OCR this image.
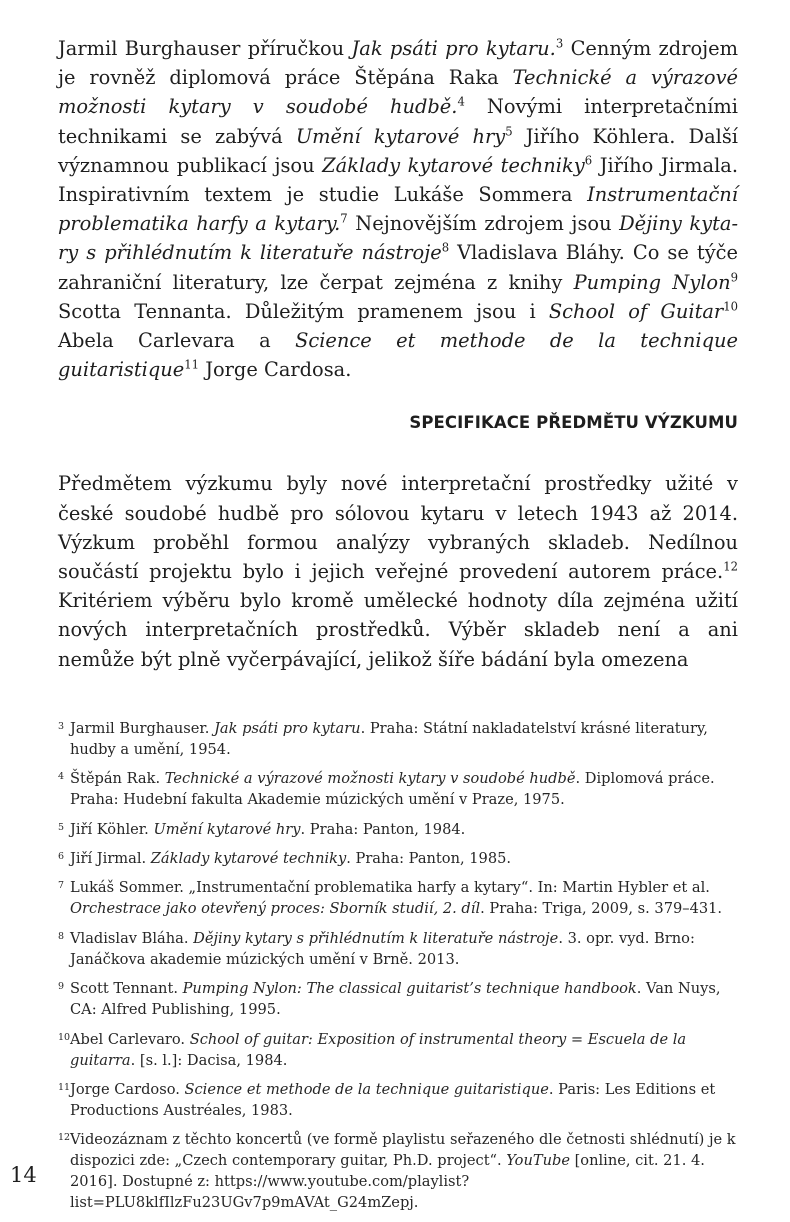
Jarmil Burghauser příručkou Jak psáti pro kytaru.$^3$ Cenným zdrojem je rovněž diplomová práce Štěpána Raka Technické a výrazové možnosti kytary v soudobé hudbě.$^4$ Novými interpretačními technikami se zabývá Umění kytarové hry$^5$ Jiřího Köhlera. Další významnou publikací jsou Základy kytarové techniky$^6$ Jiřího Jirmala. Inspirativním textem je studie Lukáše Sommera Instrumentační problematika harfy a kytary.$^7$ Nejnovějším zdrojem jsou Dějiny kytary s přihlédnutím k literatuře nástroje$^8$ Vladislava Bláhy. Co se týče zahraniční literatury, lze čerpat zejména z knihy Pumping Nylon$^9$ Scotta Tennanta. Důležitým pramenem jsou i School of Guitar$^{10}$ Abela Carlevara a Science et methode de la technique guitaristique$^{11}$ Jorge Cardosa.

SPECIFIKACE PŘEDMĚTU VÝZKUMU

Předmětem výzkumu byly nové interpretační prostředky užité v české soudobé hudbě pro sólovou kytaru v letech 1943 až 2014. Výzkum proběhl formou analýzy vybraných skladeb. Nedílnou součástí projektu bylo i jejich veřejné provedení autorem práce.$^{12}$ Kritériem výběru bylo kromě umělecké hodnoty díla zejména užití nových interpretačních prostředků. Výběr skladeb není a ani nemůže být plně vyčerpávající, jelikož šíře bádání byla omezena

3 Jarmil Burghauser. Jak psáti pro kytaru. Praha: Státní nakladatelství krásné literatury, hudby a umění, 1954.

4 Štěpán Rak. Technické a výrazové možnosti kytary v soudobé hudbě. Diplomová práce. Praha: Hudební fakulta Akademie múzických umění v Praze, 1975.

5 Jiří Köhler. Umění kytarové hry. Praha: Panton, 1984.

6 Jiří Jirmal. Základy kytarové techniky. Praha: Panton, 1985.

7 Lukáš Sommer. „Instrumentační problematika harfy a kytary“. In: Martin Hybler et al. Orchestrace jako otevřený proces: Sborník studií, 2. díl. Praha: Triga, 2009, s. 379–431.

8 Vladislav Bláha. Dějiny kytary s přihlédnutím k literatuře nástroje. 3. opr. vyd. Brno: Janáčkova akademie múzických umění v Brně. 2013.

9 Scott Tennant. Pumping Nylon: The classical guitarist’s technique handbook. Van Nuys, CA: Alfred Publishing, 1995.

10 Abel Carlevaro. School of guitar: Exposition of instrumental theory = Escuela de la guitarra. [s. l.]: Dacisa, 1984.

11 Jorge Cardoso. Science et methode de la technique guitaristique. Paris: Les Editions et Productions Austréales, 1983.

12 Videozáznam z těchto koncertů (ve formě playlistu seřazeného dle četnosti shlédnutí) je k dispozici zde: „Czech contemporary guitar, Ph.D. project“. YouTube [online, cit. 21. 4. 2016]. Dostupné z: https://www.youtube.com/playlist?list=PLU8klfIlzFu23UGv7p9mAVAt_G24mZepj.

14
